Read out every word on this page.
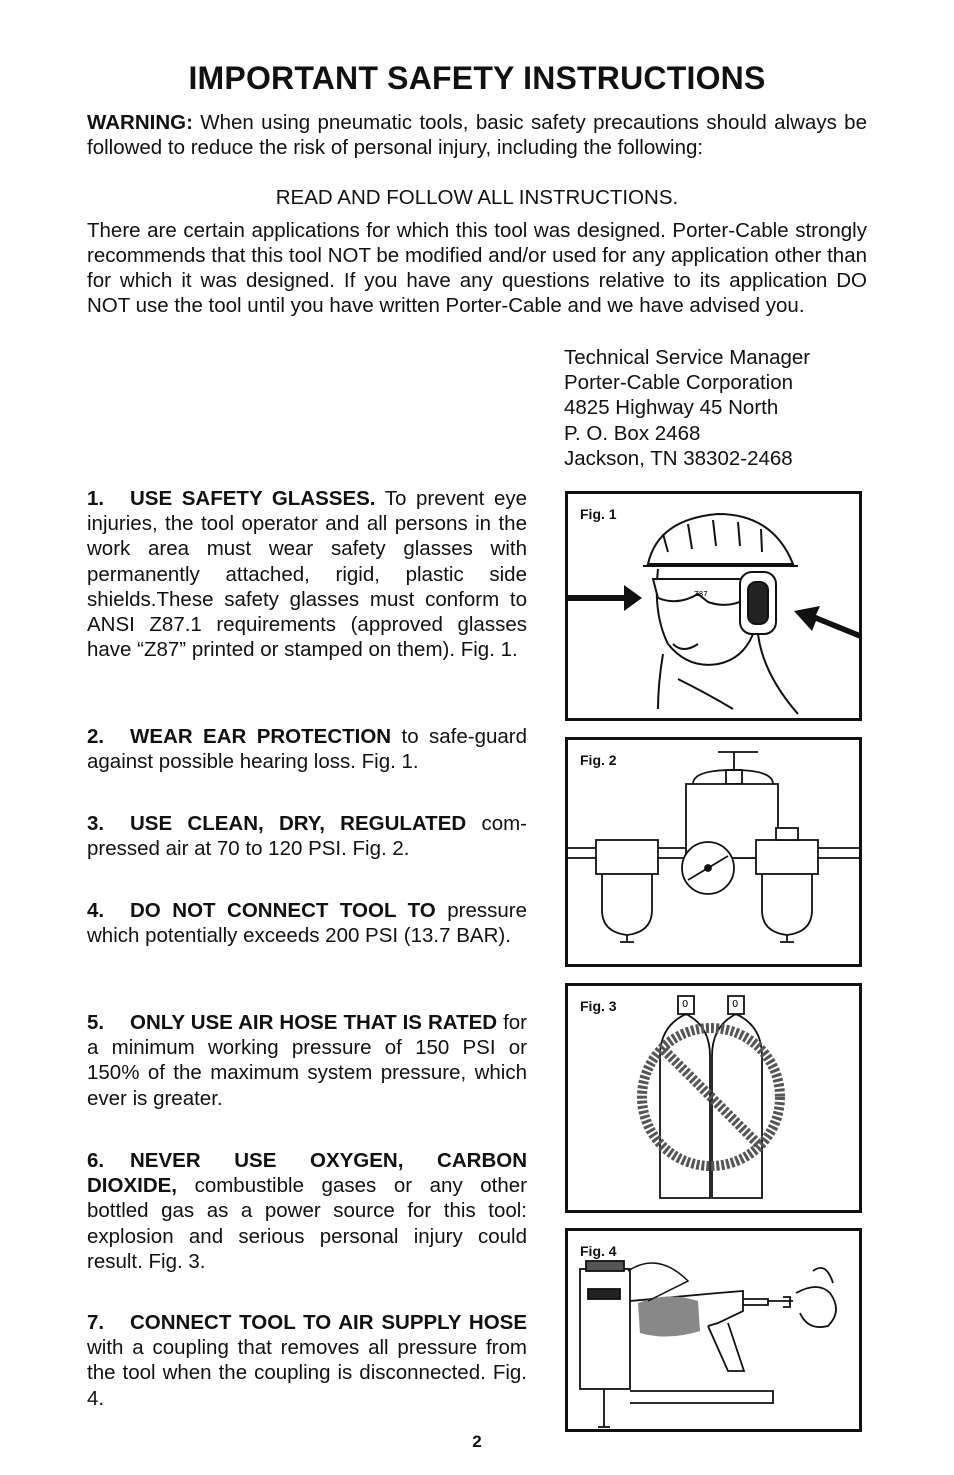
IMPORTANT SAFETY INSTRUCTIONS
WARNING: When using pneumatic tools, basic safety precautions should always be followed to reduce the risk of personal injury, including the following:
READ AND FOLLOW ALL INSTRUCTIONS.
There are certain applications for which this tool was designed. Porter-Cable strongly recommends that this tool NOT be modified and/or used for any application other than for which it was designed. If you have any questions relative to its application DO NOT use the tool until you have written Porter-Cable and we have advised you.
Technical Service Manager
Porter-Cable Corporation
4825 Highway 45 North
P. O. Box 2468
Jackson, TN 38302-2468
1. USE SAFETY GLASSES. To prevent eye injuries, the tool operator and all persons in the work area must wear safety glasses with permanently attached, rigid, plastic side shields.These safety glasses must conform to ANSI Z87.1 requirements (approved glasses have “Z87” printed or stamped on them). Fig. 1.
2. WEAR EAR PROTECTION to safe-guard against possible hearing loss. Fig. 1.
3. USE CLEAN, DRY, REGULATED com-pressed air at 70 to 120 PSI. Fig. 2.
4. DO NOT CONNECT TOOL TO pressure which potentially exceeds 200 PSI (13.7 BAR).
5. ONLY USE AIR HOSE THAT IS RATED for a minimum working pressure of 150 PSI or 150% of the maximum system pressure, which ever is greater.
6. NEVER USE OXYGEN, CARBON DIOXIDE, combustible gases or any other bottled gas as a power source for this tool: explosion and serious personal injury could result. Fig. 3.
7. CONNECT TOOL TO AIR SUPPLY HOSE with a coupling that removes all pressure from the tool when the coupling is disconnected. Fig. 4.
Z87
Fig. 1
Fig. 2
0	0
Fig. 3
Fig. 4
2
